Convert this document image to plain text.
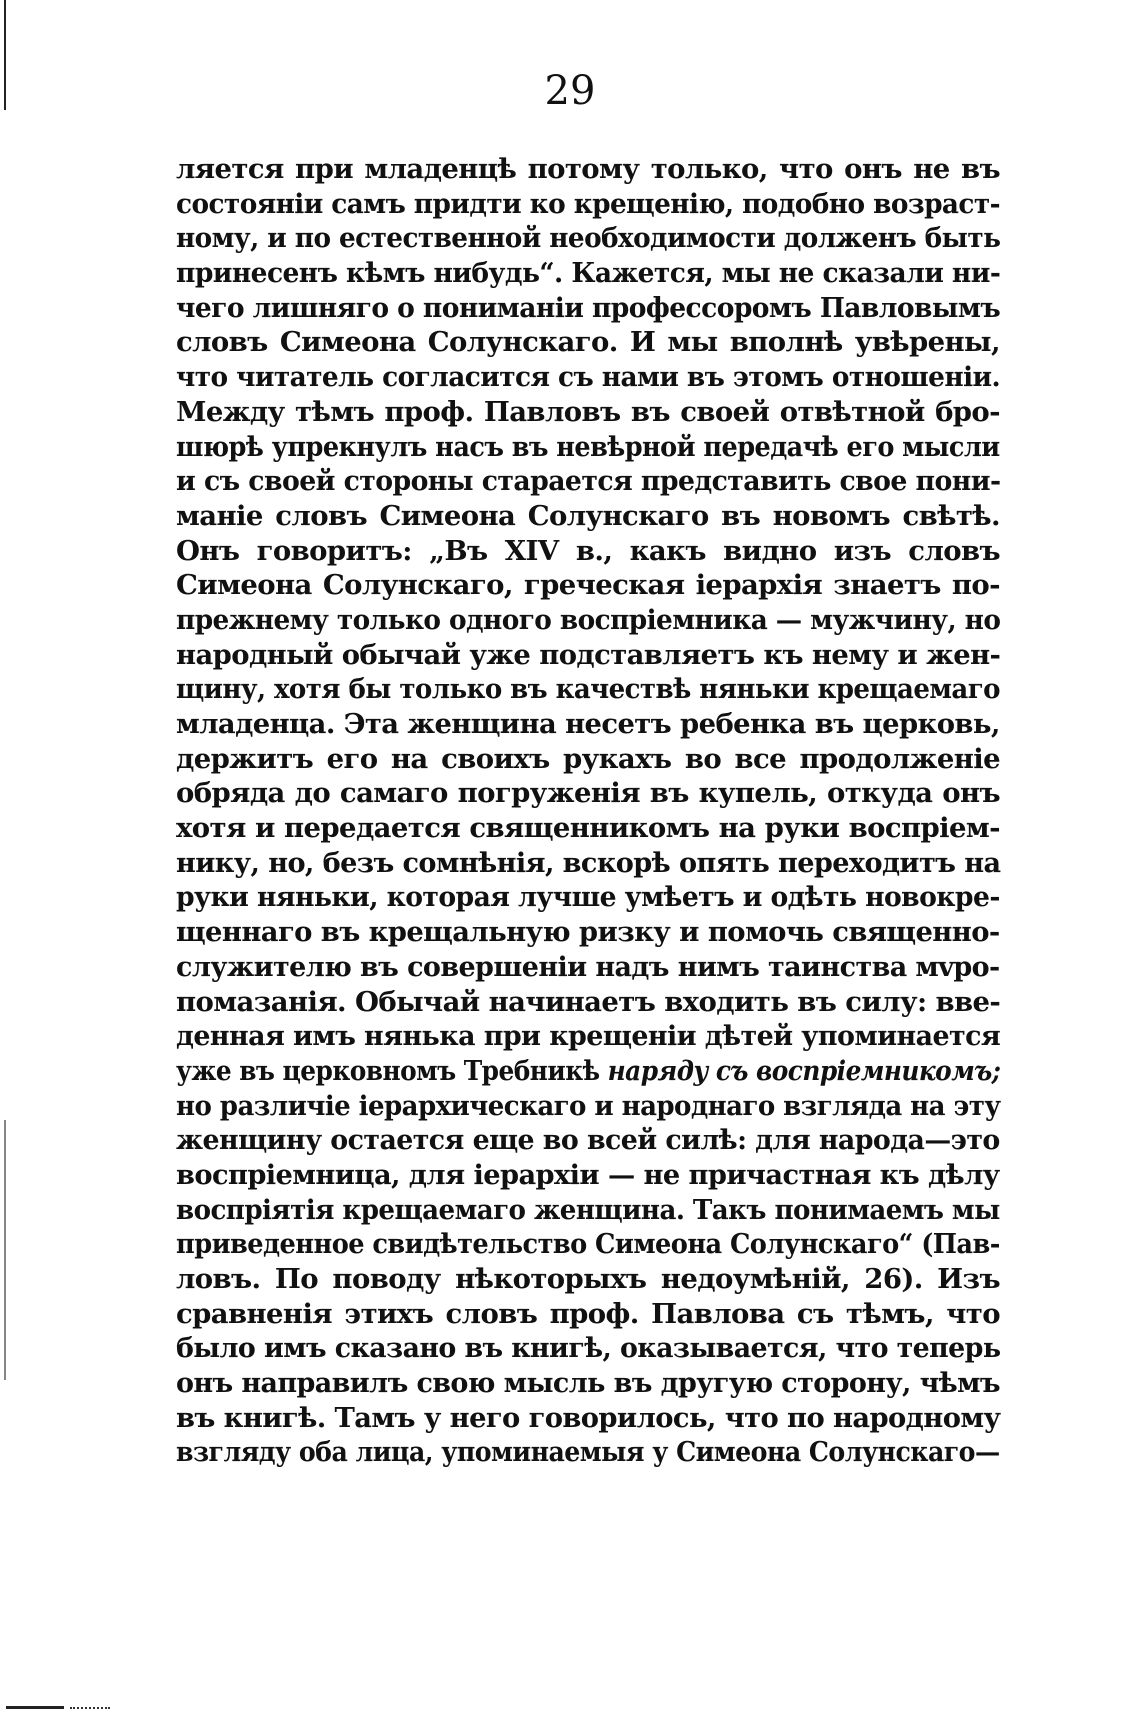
29
ляется при младенцѣ потому только, что онъ не въ
состоянiи самъ придти ко крещенiю, подобно возраст-
ному, и по естественной необходимости долженъ быть
принесенъ кѣмъ нибудь“. Кажется, мы не сказали ни-
чего лишняго о пониманiи профессоромъ Павловымъ
словъ Симеона Солунскаго. И мы вполнѣ увѣрены,
что читатель согласится съ нами въ этомъ отношенiи.
Между тѣмъ проф. Павловъ въ своей отвѣтной бро-
шюрѣ упрекнулъ насъ въ невѣрной передачѣ его мысли
и съ своей стороны старается представить свое пони-
манiе словъ Симеона Солунскаго въ новомъ свѣтѣ.
Онъ говоритъ: „Въ XIV в., какъ видно изъ словъ
Симеона Солунскаго, греческая iерархiя знаетъ по-
прежнему только одного воспрiемника — мужчину, но
народный обычай уже подставляетъ къ нему и жен-
щину, хотя бы только въ качествѣ няньки крещаемаго
младенца. Эта женщина несетъ ребенка въ церковь,
держитъ его на своихъ рукахъ во все продолженiе
обряда до самаго погруженiя въ купель, откуда онъ
хотя и передается священникомъ на руки воспрiем-
нику, но, безъ сомнѣнiя, вскорѣ опять переходитъ на
руки няньки, которая лучше умѣетъ и одѣть новокре-
щеннаго въ крещальную ризку и помочь священно-
служителю въ совершенiи надъ нимъ таинства мvро-
помазанiя. Обычай начинаетъ входить въ силу: вве-
денная имъ нянька при крещенiи дѣтей упоминается
уже въ церковномъ Требникѣ наряду съ воспрiемникомъ;
но различiе iерархическаго и народнаго взгляда на эту
женщину остается еще во всей силѣ: для народа—это
воспрiемница, для iерархiи — не причастная къ дѣлу
воспрiятiя крещаемаго женщина. Такъ понимаемъ мы
приведенное свидѣтельство Симеона Солунскаго“ (Пав-
ловъ. По поводу нѣкоторыхъ недоумѣнiй, 26). Изъ
сравненiя этихъ словъ проф. Павлова съ тѣмъ, что
было имъ сказано въ книгѣ, оказывается, что теперь
онъ направилъ свою мысль въ другую сторону, чѣмъ
въ книгѣ. Тамъ у него говорилось, что по народному
взгляду оба лица, упоминаемыя у Симеона Солунскаго—
